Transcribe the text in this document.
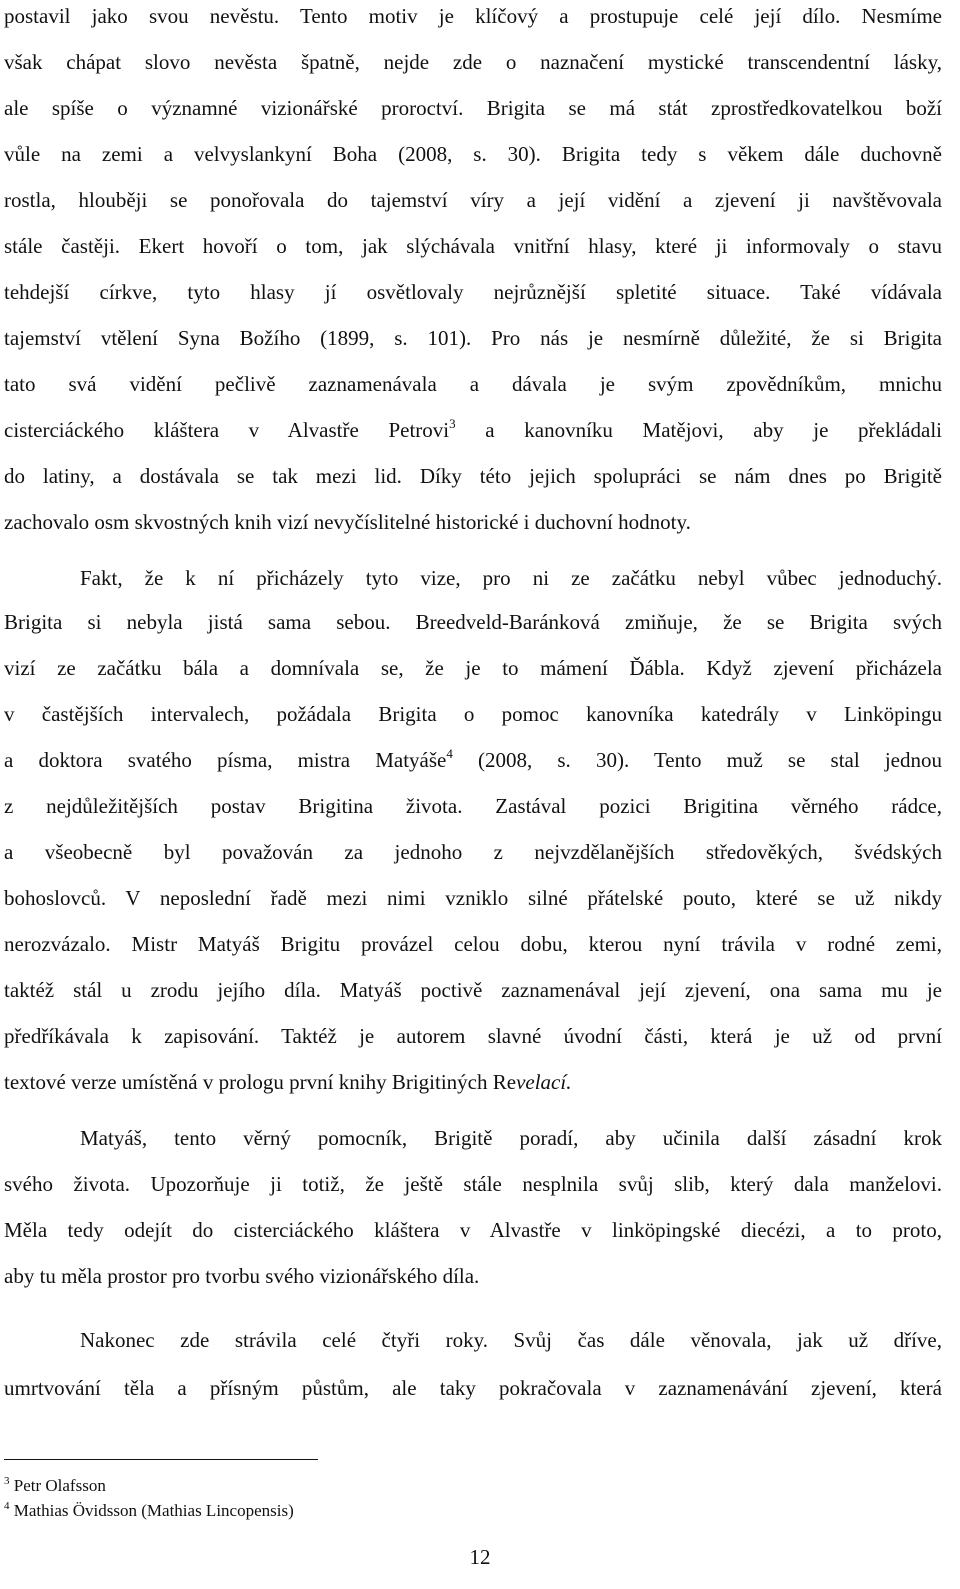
postavil jako svou nevěstu. Tento motiv je klíčový a prostupuje celé její dílo. Nesmíme
však chápat slovo nevěsta špatně, nejde zde o naznačení mystické transcendentní lásky,
ale spíše o významné vizionářské proroctví. Brigita se má stát zprostředkovatelkou boží
vůle na zemi a velvyslankyní Boha (2008, s. 30). Brigita tedy s věkem dále duchovně
rostla, hlouběji se ponořovala do tajemství víry a její vidění a zjevení ji navštěvovala
stále častěji. Ekert hovoří o tom, jak slýchávala vnitřní hlasy, které ji informovaly o stavu
tehdejší církve, tyto hlasy jí osvětlovaly nejrůznější spletité situace. Také vídávala
tajemství vtělení Syna Božího (1899, s. 101). Pro nás je nesmírně důležité, že si Brigita
tato svá vidění pečlivě zaznamenávala a dávala je svým zpovědníkům, mnichu
cisterciáckého kláštera v Alvastře Petrovi$^3$ a kanovníku Matějovi, aby je překládali
do latiny, a dostávala se tak mezi lid. Díky této jejich spolupráci se nám dnes po Brigitě
zachovalo osm skvostných knih vizí nevyčíslitelné historické i duchovní hodnoty.
Fakt, že k ní přicházely tyto vize, pro ni ze začátku nebyl vůbec jednoduchý.
Brigita si nebyla jistá sama sebou. Breedveld-Baránková zmiňuje, že se Brigita svých
vizí ze začátku bála a domnívala se, že je to mámení Ďábla. Když zjevení přicházela
v častějších intervalech, požádala Brigita o pomoc kanovníka katedrály v Linköpingu
a doktora svatého písma, mistra Matyáše$^4$ (2008, s. 30). Tento muž se stal jednou
z nejdůležitějších postav Brigitina života. Zastával pozici Brigitina věrného rádce,
a všeobecně byl považován za jednoho z nejvzdělanějších středověkých, švédských
bohoslovců. V neposlední řadě mezi nimi vzniklo silné přátelské pouto, které se už nikdy
nerozvázalo. Mistr Matyáš Brigitu provázel celou dobu, kterou nyní trávila v rodné zemi,
taktéž stál u zrodu jejího díla. Matyáš poctivě zaznamenával její zjevení, ona sama mu je
předříkávala k zapisování. Taktéž je autorem slavné úvodní části, která je už od první
textové verze umístěná v prologu první knihy Brigitiných Revelací.
Matyáš, tento věrný pomocník, Brigitě poradí, aby učinila další zásadní krok
svého života. Upozorňuje ji totiž, že ještě stále nesplnila svůj slib, který dala manželovi.
Měla tedy odejít do cisterciáckého kláštera v Alvastře v linköpingské diecézi, a to proto,
aby tu měla prostor pro tvorbu svého vizionářského díla.
Nakonec zde strávila celé čtyři roky. Svůj čas dále věnovala, jak už dříve,
umrtvování těla a přísným půstům, ale taky pokračovala v zaznamenávání zjevení, která
$^3$ Petr Olafsson
$^4$ Mathias Övidsson (Mathias Lincopensis)
12
